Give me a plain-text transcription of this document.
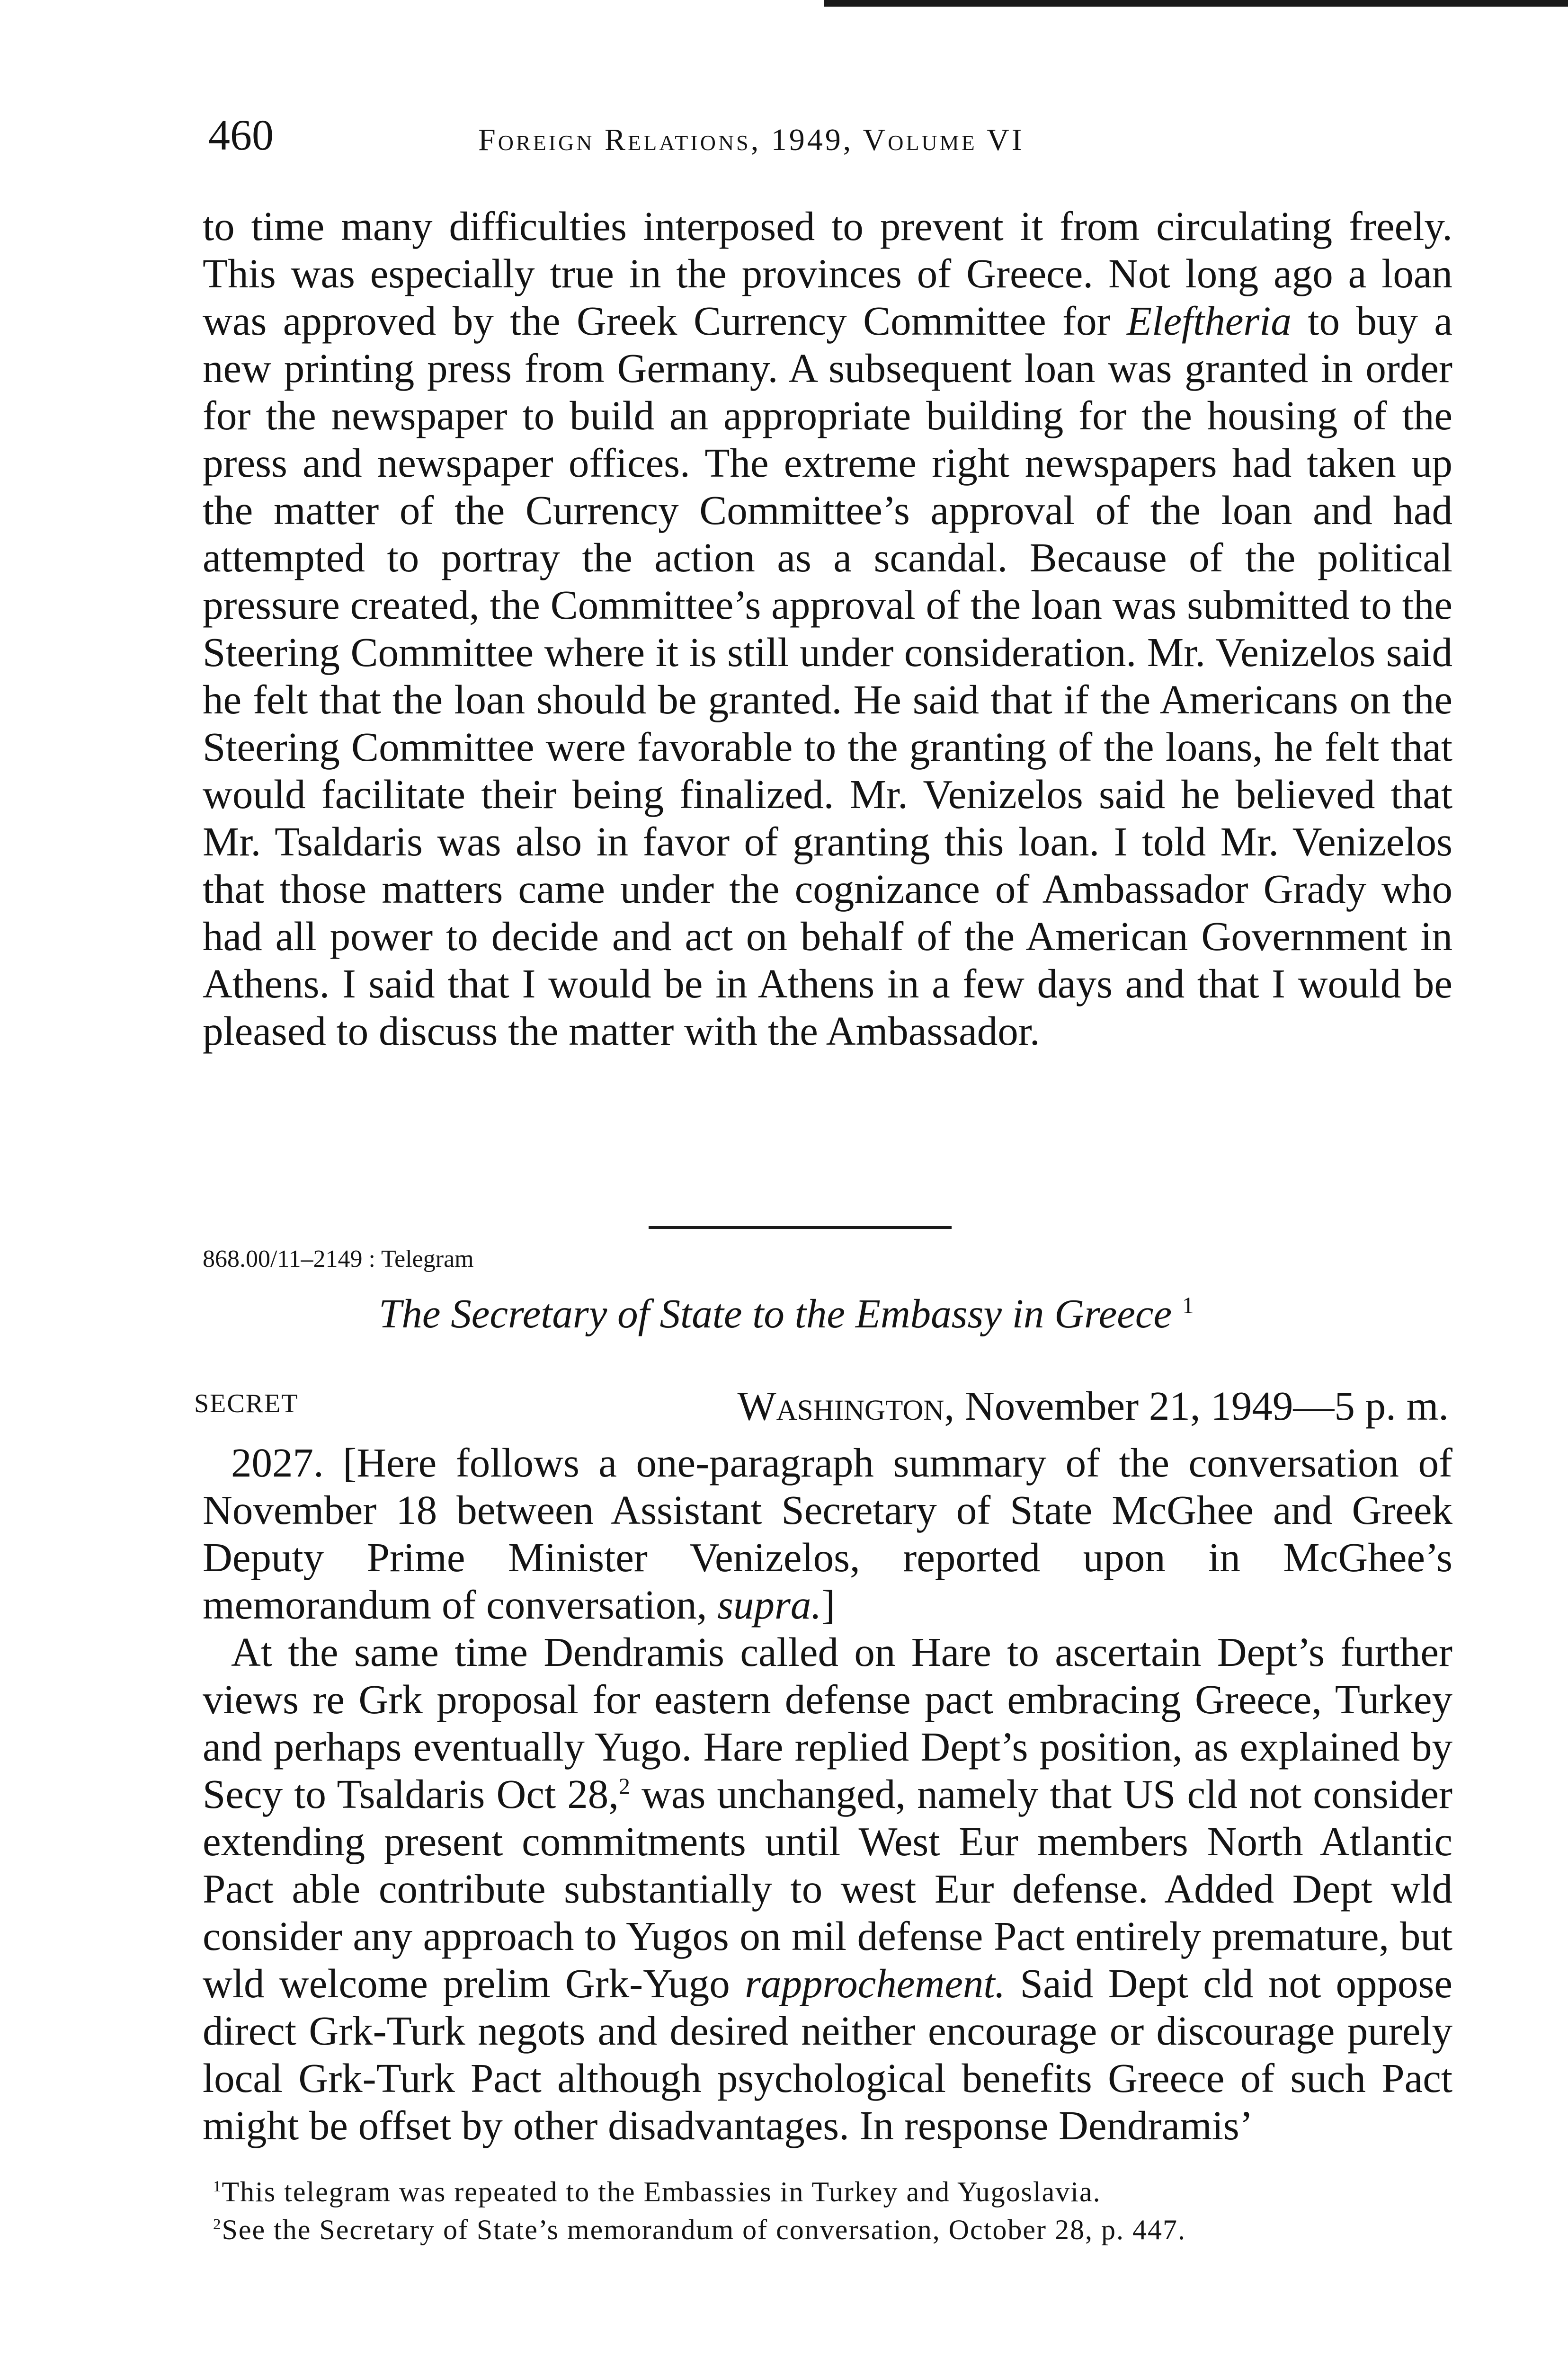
460	Foreign Relations, 1949, Volume VI

to time many difficulties interposed to prevent it from circulating freely. This was especially true in the provinces of Greece. Not long ago a loan was approved by the Greek Currency Committee for Eleftheria to buy a new printing press from Germany. A subsequent loan was granted in order for the newspaper to build an appropriate building for the housing of the press and newspaper offices. The extreme right newspapers had taken up the matter of the Currency Committee’s approval of the loan and had attempted to portray the action as a scandal. Because of the political pressure created, the Committee’s approval of the loan was submitted to the Steering Committee where it is still under consideration. Mr. Venizelos said he felt that the loan should be granted. He said that if the Americans on the Steering Committee were favorable to the granting of the loans, he felt that would facilitate their being finalized. Mr. Venizelos said he believed that Mr. Tsaldaris was also in favor of granting this loan. I told Mr. Venizelos that those matters came under the cognizance of Ambassador Grady who had all power to decide and act on behalf of the American Government in Athens. I said that I would be in Athens in a few days and that I would be pleased to discuss the matter with the Ambassador.

868.00/11–2149 : Telegram
The Secretary of State to the Embassy in Greece $^1$
SECRET	Washington, November 21, 1949—5 p. m.

2027. [Here follows a one-paragraph summary of the conversation of November 18 between Assistant Secretary of State McGhee and Greek Deputy Prime Minister Venizelos, reported upon in McGhee’s memorandum of conversation, supra.]

At the same time Dendramis called on Hare to ascertain Dept’s further views re Grk proposal for eastern defense pact embracing Greece, Turkey and perhaps eventually Yugo. Hare replied Dept’s position, as explained by Secy to Tsaldaris Oct 28,$^2$ was unchanged, namely that US cld not consider extending present commitments until West Eur members North Atlantic Pact able contribute substantially to west Eur defense. Added Dept wld consider any approach to Yugos on mil defense Pact entirely premature, but wld welcome prelim Grk-Yugo rapprochement. Said Dept cld not oppose direct Grk-Turk negots and desired neither encourage or discourage purely local Grk-Turk Pact although psychological benefits Greece of such Pact might be offset by other disadvantages. In response Dendramis’

$^1$This telegram was repeated to the Embassies in Turkey and Yugoslavia.
$^2$See the Secretary of State’s memorandum of conversation, October 28, p. 447.
